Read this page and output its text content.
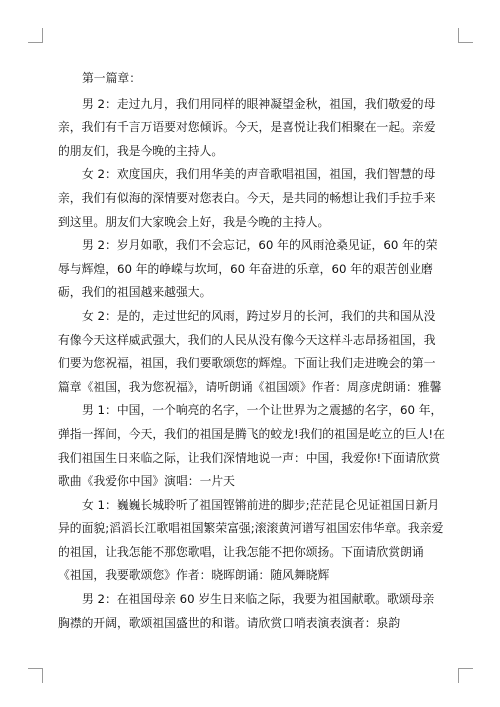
第一篇章：

男 2：走过九月，我们用同样的眼神凝望金秋，祖国，我们敬爱的母亲，我们有千言万语要对您倾诉。今天，是喜悦让我们相聚在一起。亲爱的朋友们，我是今晚的主持人。

女 2：欢度国庆，我们用华美的声音歌唱祖国，祖国，我们智慧的母亲，我们有似海的深情要对您表白。今天，是共同的畅想让我们手拉手来到这里。朋友们大家晚会上好，我是今晚的主持人。

男 2：岁月如歌，我们不会忘记，60 年的风雨沧桑见证，60 年的荣辱与辉煌，60 年的峥嵘与坎坷，60 年奋进的乐章，60 年的艰苦创业磨砺，我们的祖国越来越强大。

女 2：是的，走过世纪的风雨，跨过岁月的长河，我们的共和国从没有像今天这样威武强大，我们的人民从没有像今天这样斗志昂扬祖国，我们要为您祝福，祖国，我们要歌颂您的辉煌。下面让我们走进晚会的第一篇章《祖国，我为您祝福》，请听朗诵《祖国颂》作者：周彦虎朗诵：雅馨

男 1：中国，一个响亮的名字，一个让世界为之震撼的名字，60 年，弹指一挥间，今天，我们的祖国是腾飞的蛟龙!我们的祖国是屹立的巨人!在我们祖国生日来临之际，让我们深情地说一声：中国，我爱你!下面请欣赏歌曲《我爱你中国》演唱：一片天

女 1：巍巍长城聆听了祖国铿锵前进的脚步;茫茫昆仑见证祖国日新月异的面貌;滔滔长江歌唱祖国繁荣富强;滚滚黄河谱写祖国宏伟华章。我亲爱的祖国，让我怎能不那您歌唱，让我怎能不把你颂扬。下面请欣赏朗诵《祖国，我要歌颂您》作者：晓晖朗诵：随风舞晓辉

男 2：在祖国母亲 60 岁生日来临之际，我要为祖国献歌。歌颂母亲胸襟的开阔，歌颂祖国盛世的和谐。请欣赏口哨表演表演者：泉韵
